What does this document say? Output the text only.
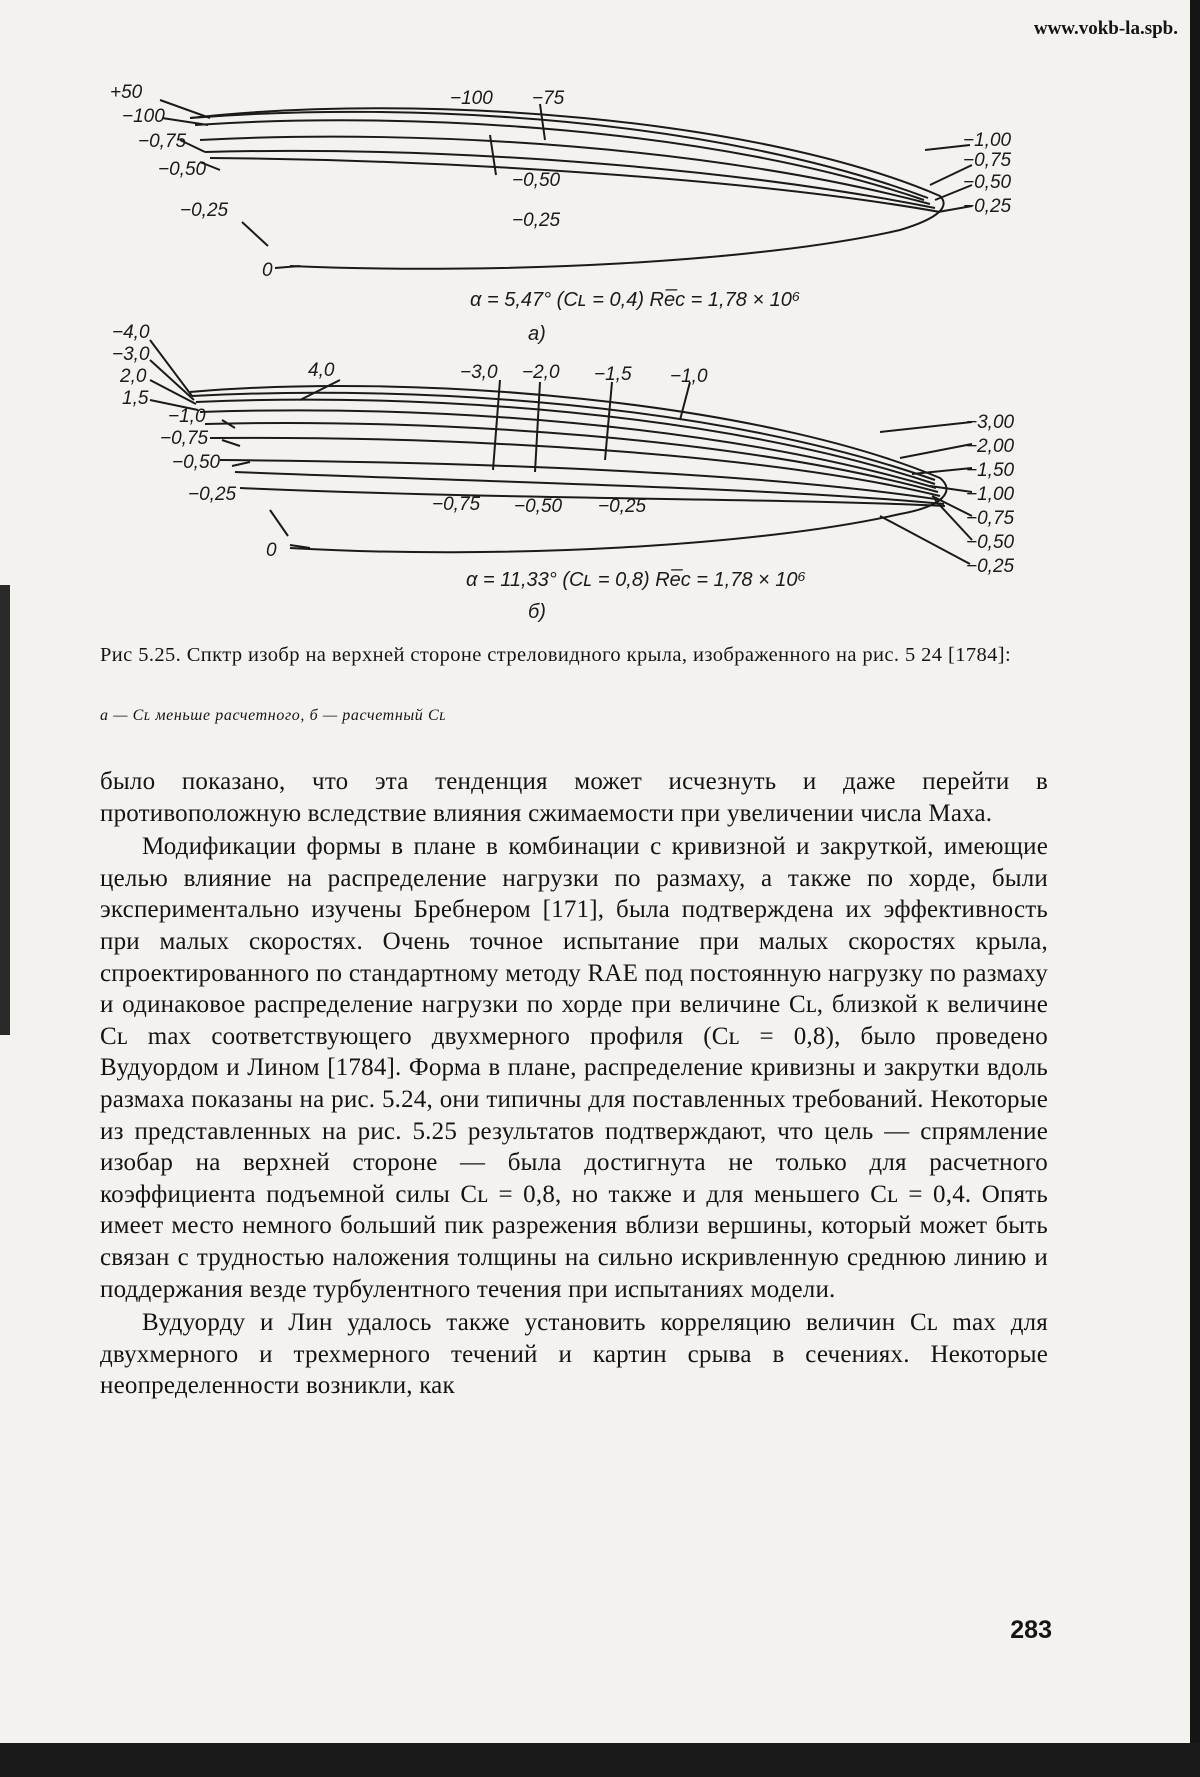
www.vokb-la.spb.
+50
−100
−0,75
−0,50
−0,25
0
−100 −75
−0,50
−0,25
−1,00
−0,75
−0,50
−0,25
α = 5,47° (Cʟ = 0,4) Re̅c = 1,78 × 10⁶
а)
−4,0
−3,0
2,0
1,5
−1,0
−0,75
−0,50
−0,25
0
4,0	−3,0 −2,0 −1,5 −1,0
−0,75 −0,50 −0,25
−3,00
−2,00
−1,50
−1,00
−0,75
−0,50
−0,25
α = 11,33° (Cʟ = 0,8) Re̅c = 1,78 × 10⁶
б)
Рис 5.25. Спктр изобр на верхней стороне стреловидного крыла, изображенного на рис. 5 24 [1784]:
а — Cʟ меньше расчетного, б — расчетный Cʟ

было показано, что эта тенденция может исчезнуть и даже перейти в противоположную вследствие влияния сжимаемости при увеличении числа Маха.

Модификации формы в плане в комбинации с кривизной и закруткой, имеющие целью влияние на распределение нагрузки по размаху, а также по хорде, были экспериментально изучены Бребнером [171], была подтверждена их эффективность при малых скоростях. Очень точное испытание при малых скоростях крыла, спроектированного по стандартному методу RAE под постоянную нагрузку по размаху и одинаковое распределение нагрузки по хорде при величине Cʟ, близкой к величине Cʟ max соответствующего двухмерного профиля (Cʟ = 0,8), было проведено Вудуордом и Лином [1784]. Форма в плане, распределение кривизны и закрутки вдоль размаха показаны на рис. 5.24, они типичны для поставленных требований. Некоторые из представленных на рис. 5.25 результатов подтверждают, что цель — спрямление изобар на верхней стороне — была достигнута не только для расчетного коэффициента подъемной силы Cʟ = 0,8, но также и для меньшего Cʟ = 0,4. Опять имеет место немного больший пик разрежения вблизи вершины, который может быть связан с трудностью наложения толщины на сильно искривленную среднюю линию и поддержания везде турбулентного течения при испытаниях модели.

Вудуорду и Лин удалось также установить корреляцию величин Cʟ max для двухмерного и трехмерного течений и картин срыва в сечениях. Некоторые неопределенности возникли, как

283
